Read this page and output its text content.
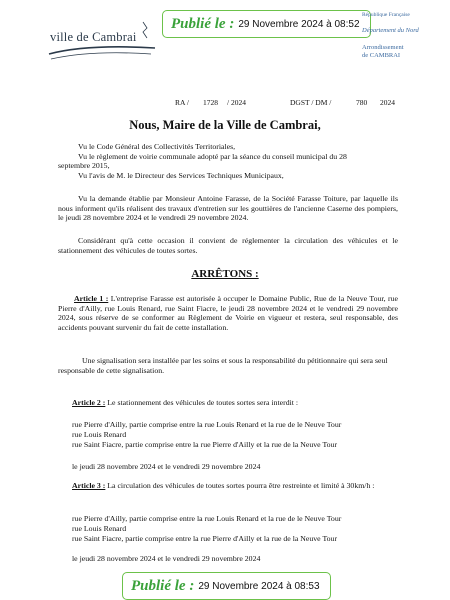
ville de Cambrai
Publié le : 29 Novembre 2024 à 08:52
République Française
Département du Nord
Arrondissement
de CAMBRAI
RA / 1728 / 2024	DGST / DM /	780 2024
Nous, Maire de la Ville de Cambrai,
Vu le Code Général des Collectivités Territoriales,
Vu le règlement de voirie communale adopté par la séance du conseil municipal du 28
septembre 2015,
Vu l'avis de M. le Directeur des Services Techniques Municipaux,
Vu la demande établie par Monsieur Antoine Farasse, de la Société Farasse Toiture, par laquelle ils nous informent qu'ils réalisent des travaux d'entretien sur les gouttières de l'ancienne Caserne des pompiers, le jeudi 28 novembre 2024 et le vendredi 29 novembre 2024.
Considérant qu'à cette occasion il convient de réglementer la circulation des véhicules et le stationnement des véhicules de toutes sortes.
ARRÊTONS :
Article 1 : L'entreprise Farasse est autorisée à occuper le Domaine Public, Rue de la Neuve Tour, rue Pierre d'Ailly, rue Louis Renard, rue Saint Fiacre, le jeudi 28 novembre 2024 et le vendredi 29 novembre 2024, sous réserve de se conformer au Règlement de Voirie en vigueur et restera, seul responsable, des accidents pouvant survenir du fait de cette installation.
Une signalisation sera installée par les soins et sous la responsabilité du pétitionnaire qui sera seul responsable de cette signalisation.
Article 2 : Le stationnement des véhicules de toutes sortes sera interdit :
rue Pierre d'Ailly, partie comprise entre la rue Louis Renard et la rue de le Neuve Tour
rue Louis Renard
rue Saint Fiacre, partie comprise entre la rue Pierre d'Ailly et la rue de la Neuve Tour
le jeudi 28 novembre 2024 et le vendredi 29 novembre 2024
Article 3 : La circulation des véhicules de toutes sortes pourra être restreinte et limité à 30km/h :
rue Pierre d'Ailly, partie comprise entre la rue Louis Renard et la rue de le Neuve Tour
rue Louis Renard
rue Saint Fiacre, partie comprise entre la rue Pierre d'Ailly et la rue de la Neuve Tour
le jeudi 28 novembre 2024 et le vendredi 29 novembre 2024
Publié le : 29 Novembre 2024 à 08:53
